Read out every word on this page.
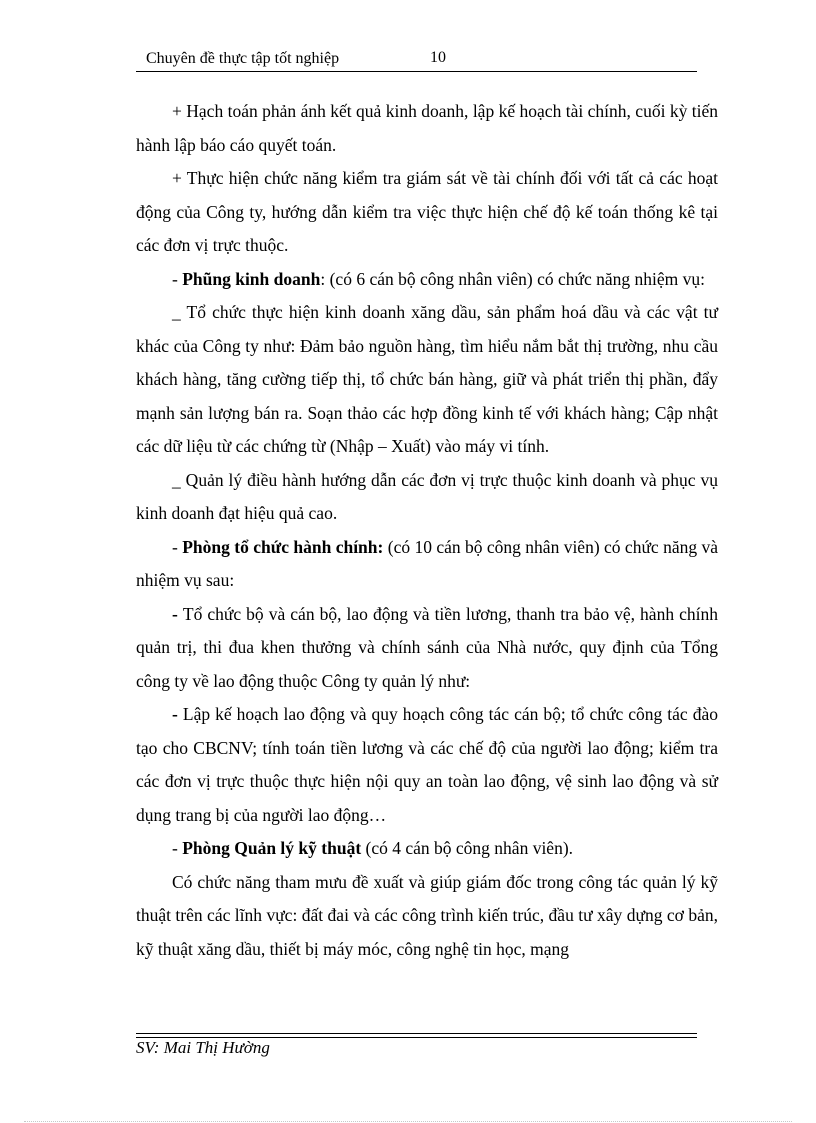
Chuyên đề thực tập tốt nghiệp	10

+ Hạch toán phản ánh kết quả kinh doanh, lập kế hoạch tài chính, cuối kỳ tiến hành lập báo cáo quyết toán.

+ Thực hiện chức năng kiểm tra giám sát về tài chính đối với tất cả các hoạt động của Công ty, hướng dẫn kiểm tra việc thực hiện chế độ kế toán thống kê tại các đơn vị trực thuộc.

- Phũng kinh doanh: (có 6 cán bộ công nhân viên) có chức năng nhiệm vụ:

_ Tổ chức thực hiện kinh doanh xăng dầu, sản phẩm hoá dầu và các vật tư khác của Công ty như: Đảm bảo nguồn hàng, tìm hiểu nắm bắt thị trường, nhu cầu khách hàng, tăng cường tiếp thị, tổ chức bán hàng, giữ và phát triển thị phần, đẩy mạnh sản lượng bán ra. Soạn thảo các hợp đồng kinh tế với khách hàng; Cập nhật các dữ liệu từ các chứng từ (Nhập – Xuất) vào máy vi tính.

_ Quản lý điều hành hướng dẫn các đơn vị trực thuộc kinh doanh và phục vụ kinh doanh đạt hiệu quả cao.

- Phòng tổ chức hành chính: (có 10 cán bộ công nhân viên) có chức năng và nhiệm vụ sau:

- Tổ chức bộ và cán bộ, lao động và tiền lương, thanh tra bảo vệ, hành chính quản trị, thi đua khen thưởng và chính sánh của Nhà nước, quy định của Tổng công ty về lao động thuộc Công ty quản lý như:

- Lập kế hoạch lao động và quy hoạch công tác cán bộ; tổ chức công tác đào tạo cho CBCNV; tính toán tiền lương và các chế độ của người lao động; kiểm tra các đơn vị trực thuộc thực hiện nội quy an toàn lao động, vệ sinh lao động và sử dụng trang bị của người lao động…

- Phòng Quản lý kỹ thuật (có 4 cán bộ công nhân viên).

Có chức năng tham mưu đề xuất và giúp giám đốc trong công tác quản lý kỹ thuật trên các lĩnh vực: đất đai và các công trình kiến trúc, đầu tư xây dựng cơ bản, kỹ thuật xăng dầu, thiết bị máy móc, công nghệ tin học, mạng

SV: Mai Thị Hường
